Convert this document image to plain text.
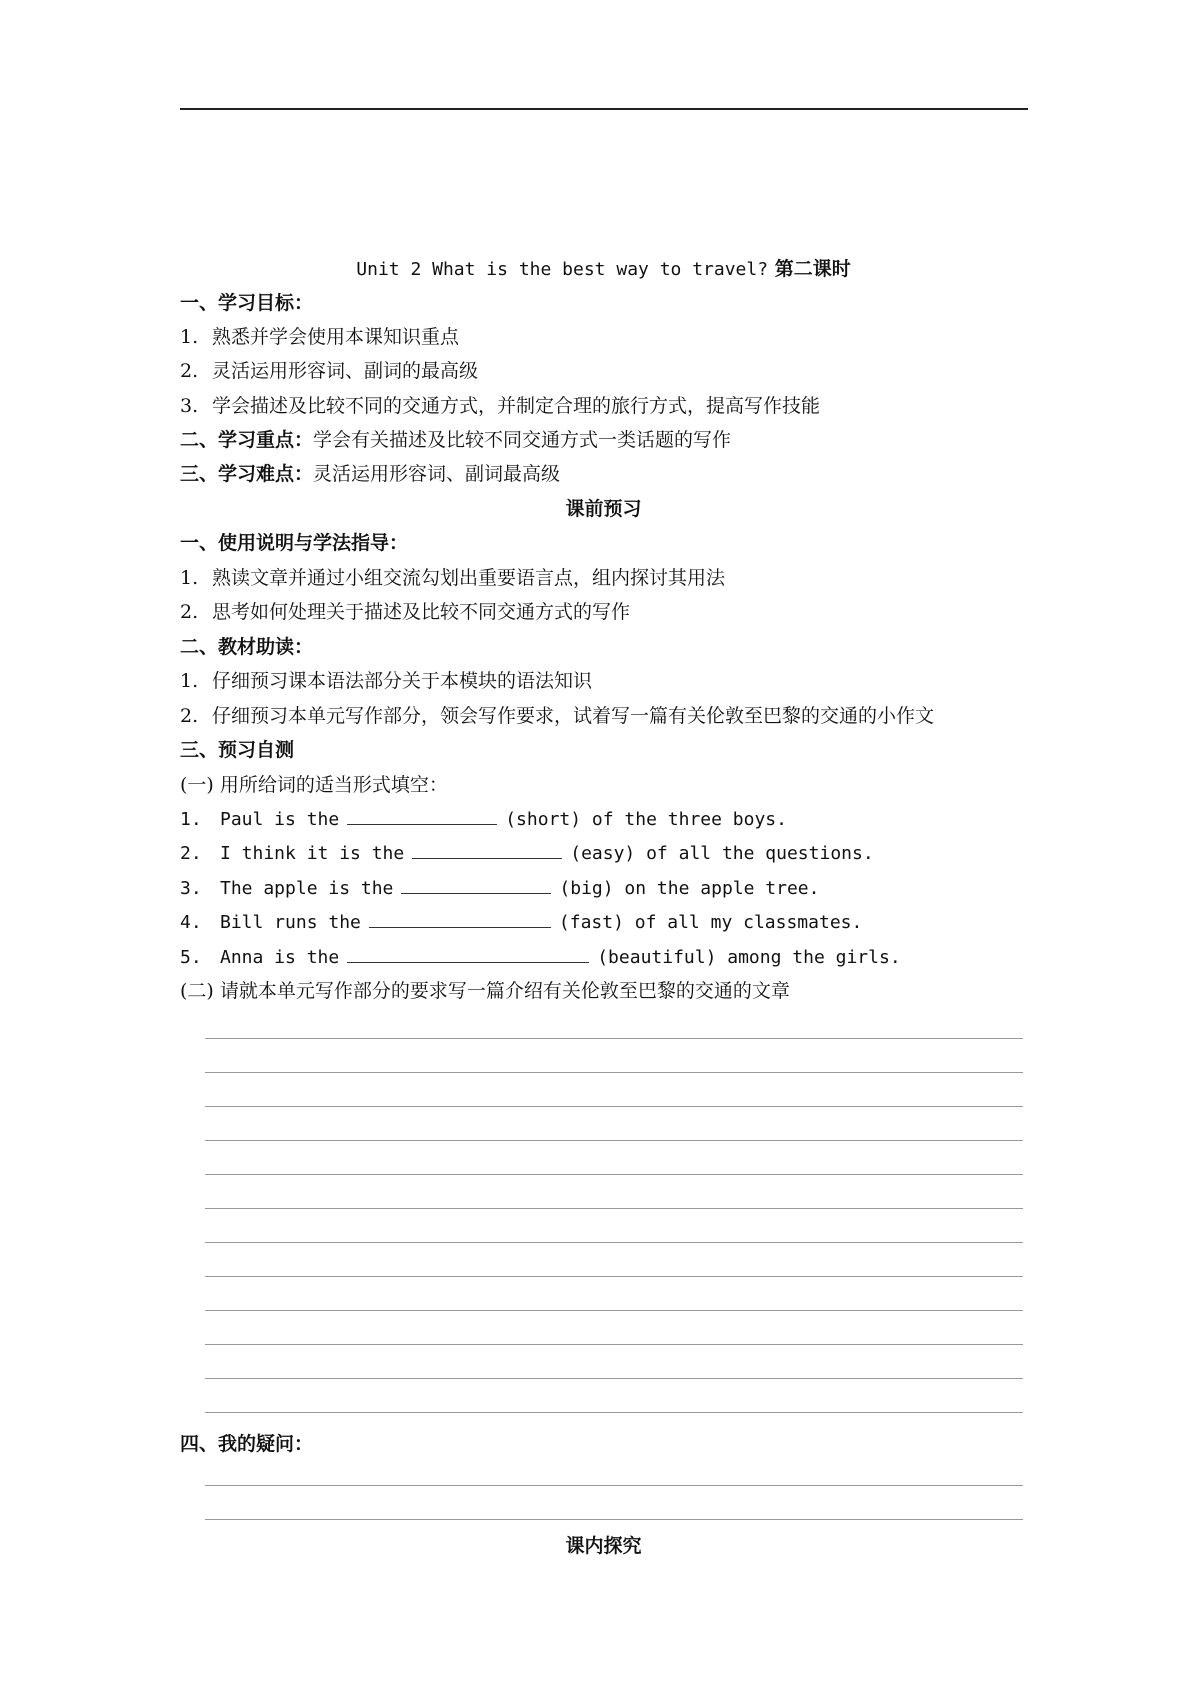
Unit 2 What is the best way to travel? 第二课时
一、学习目标：
1. 熟悉并学会使用本课知识重点
2. 灵活运用形容词、副词的最高级
3. 学会描述及比较不同的交通方式，并制定合理的旅行方式，提高写作技能
二、学习重点：学会有关描述及比较不同交通方式一类话题的写作
三、学习难点：灵活运用形容词、副词最高级
课前预习
一、使用说明与学法指导：
1. 熟读文章并通过小组交流勾划出重要语言点，组内探讨其用法
2. 思考如何处理关于描述及比较不同交通方式的写作
二、教材助读：
1. 仔细预习课本语法部分关于本模块的语法知识
2. 仔细预习本单元写作部分，领会写作要求，试着写一篇有关伦敦至巴黎的交通的小作文
三、预习自测
(一) 用所给词的适当形式填空：
1. Paul is the	(short) of the three boys.
2. I think it is the	(easy) of all the questions.
3. The apple is the	(big) on the apple tree.
4. Bill runs the	(fast) of all my classmates.
5. Anna is the	(beautiful) among the girls.
(二) 请就本单元写作部分的要求写一篇介绍有关伦敦至巴黎的交通的文章
四、我的疑问：
课内探究
